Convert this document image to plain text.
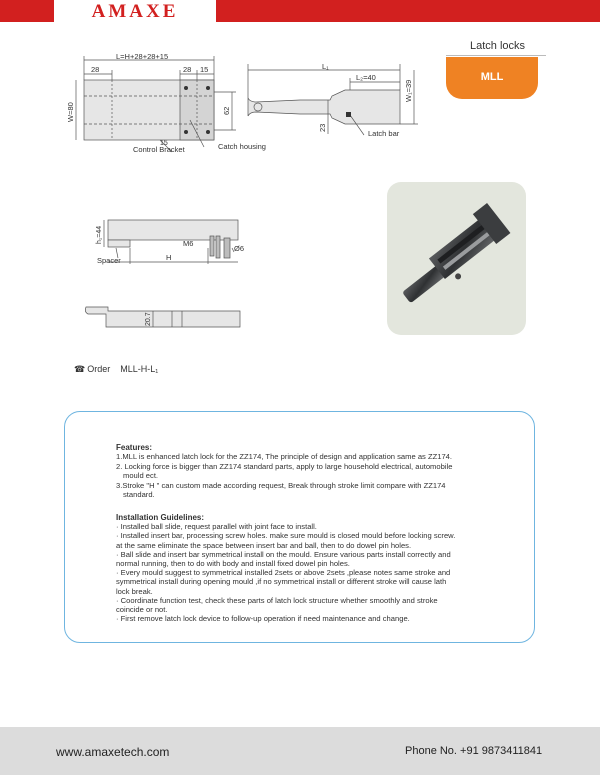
AMAXE
Latch locks
MLL
L=H+28+28+15
28	28 15
W=80	62
15
Control Bracket	Catch housing
L₁
L₂=40
W₁=39
23
Latch bar
h₁=44	M6
Ø6
Spacer	H
20.7
☎ Order MLL-H-L₁
Features:

1.MLL is enhanced latch lock for the ZZ174, The principle of design and application same as ZZ174.

2. Locking force is bigger than ZZ174 standard parts, apply to large household electrical, automobile

mould ect.

3.Stroke "H " can custom made according request, Break through stroke limit compare with ZZ174

standard.

Installation Guidelines:

· Installed ball slide, request parallel with joint face to install.

· Installed insert bar, processing screw holes. make sure mould is closed mould before locking screw.

at the same eliminate the space between insert bar and ball, then to do dowel pin holes.

· Ball slide and insert bar symmetrical install on the mould. Ensure various parts install correctly and

normal running, then to do with body and install fixed dowel pin holes.

· Every mould suggest to symmetrical installed 2sets or above 2sets ,please notes same stroke and

symmetrical install during opening mould ,if no symmetrical install or different stroke will cause lath

lock break.

· Coordinate function test, check these parts of latch lock structure whether smoothly and stroke

coincide or not.

· First remove latch lock device to follow-up operation if need maintenance and change.

www.amaxetech.com	Phone No. +91 9873411841
